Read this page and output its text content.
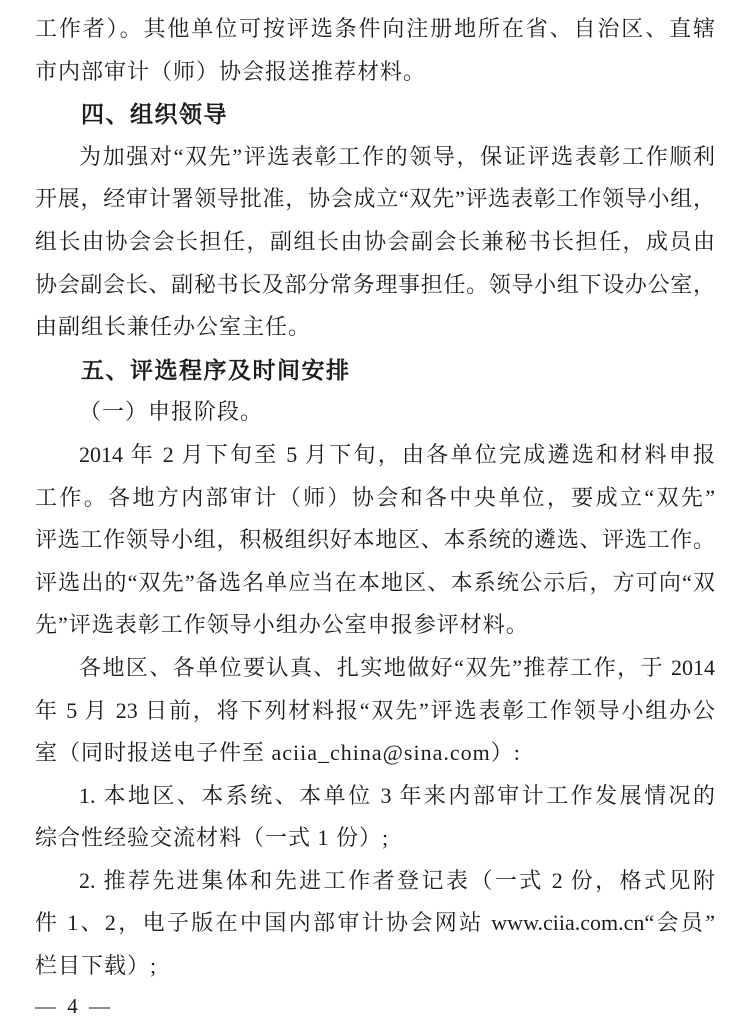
工作者）。其他单位可按评选条件向注册地所在省、自治区、直辖
市内部审计（师）协会报送推荐材料。
四、组织领导
为加强对“双先”评选表彰工作的领导，保证评选表彰工作顺利
开展，经审计署领导批准，协会成立“双先”评选表彰工作领导小组，
组长由协会会长担任，副组长由协会副会长兼秘书长担任，成员由
协会副会长、副秘书长及部分常务理事担任。领导小组下设办公室，
由副组长兼任办公室主任。
五、评选程序及时间安排
（一）申报阶段。
2014 年 2 月下旬至 5 月下旬，由各单位完成遴选和材料申报
工作。各地方内部审计（师）协会和各中央单位，要成立“双先”
评选工作领导小组，积极组织好本地区、本系统的遴选、评选工作。
评选出的“双先”备选名单应当在本地区、本系统公示后，方可向“双
先”评选表彰工作领导小组办公室申报参评材料。
各地区、各单位要认真、扎实地做好“双先”推荐工作，于 2014
年 5 月 23 日前，将下列材料报“双先”评选表彰工作领导小组办公
室（同时报送电子件至 aciia_china@sina.com）:
1. 本地区、本系统、本单位 3 年来内部审计工作发展情况的
综合性经验交流材料（一式 1 份）;
2. 推荐先进集体和先进工作者登记表（一式 2 份，格式见附
件 1、2，电子版在中国内部审计协会网站 www.ciia.com.cn“会员”
栏目下载）;
— 4 —
